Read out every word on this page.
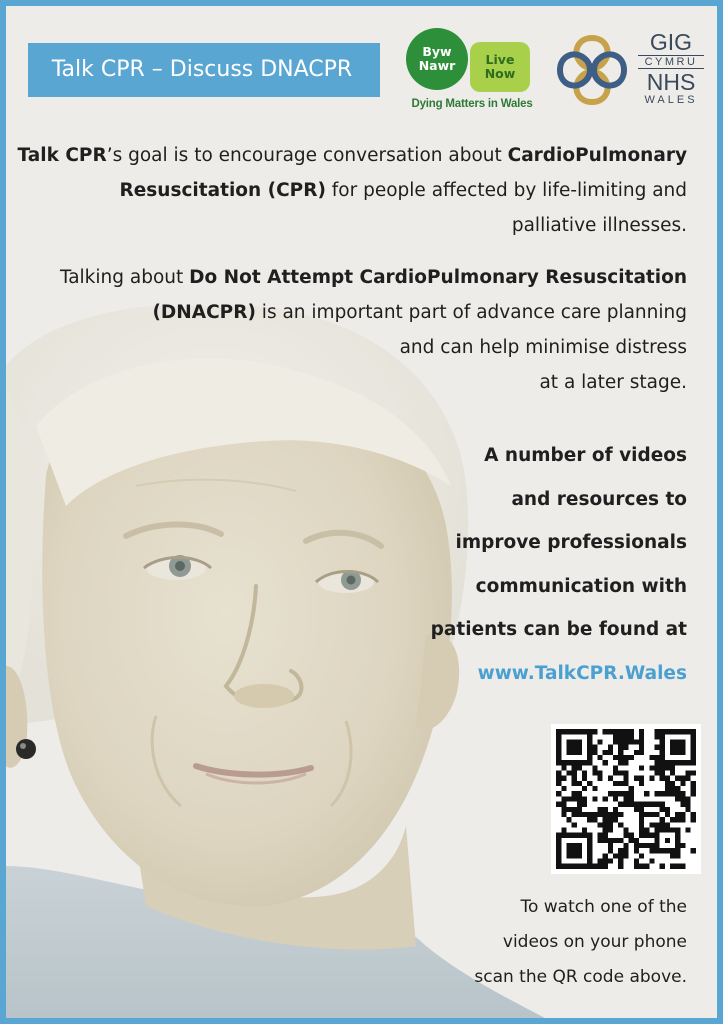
Talk CPR – Discuss DNACPR
Byw
Nawr Live
Now
Dying Matters in Wales
GIG
CYMRU
NHS
WALES
Talk CPR’s goal is to encourage conversation about CardioPulmonary
Resuscitation (CPR) for people affected by life-limiting and
palliative illnesses.
Talking about Do Not Attempt CardioPulmonary Resuscitation
(DNACPR) is an important part of advance care planning
and can help minimise distress
at a later stage.
A number of videos
and resources to
improve professionals
communication with
patients can be found at
www.TalkCPR.Wales
To watch one of the
videos on your phone
scan the QR code above.
